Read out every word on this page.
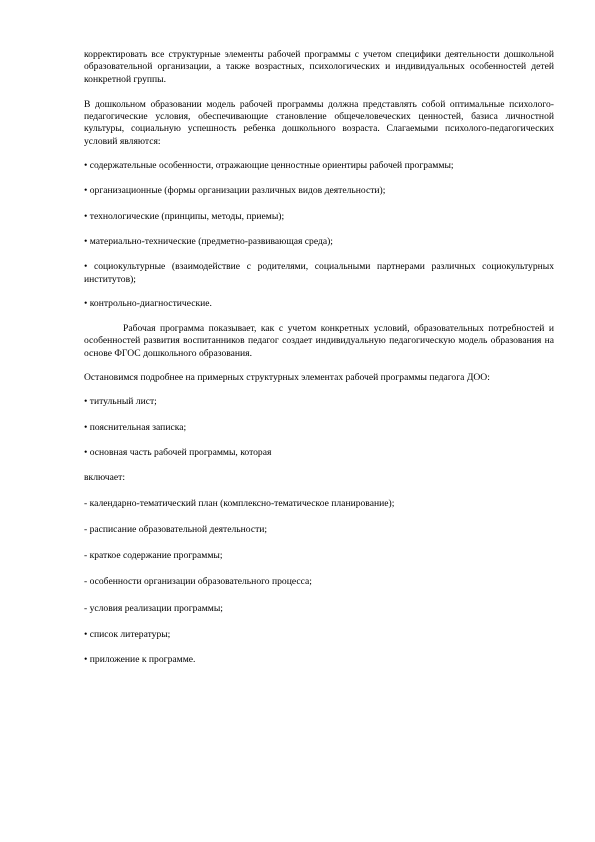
корректировать все структурные элементы рабочей программы с учетом специфики деятельности дошкольной образовательной организации, а также возрастных, психологических и индивидуальных особенностей детей конкретной группы.

В дошкольном образовании модель рабочей программы должна представлять собой оптимальные психолого-педагогические условия, обеспечивающие становление общечеловеческих ценностей, базиса личностной культуры, социальную успешность ребенка дошкольного возраста. Слагаемыми психолого-педагогических условий являются:

• содержательные особенности, отражающие ценностные ориентиры рабочей программы;

• организационные (формы организации различных видов деятельности);

• технологические (принципы, методы, приемы);

• материально-технические (предметно-развивающая среда);

• социокультурные (взаимодействие с родителями, социальными партнерами различных социокультурных институтов);

• контрольно-диагностические.

Рабочая программа показывает, как с учетом конкретных условий, образовательных потребностей и особенностей развития воспитанников педагог создает индивидуальную педагогическую модель образования на основе ФГОС дошкольного образования.

Остановимся подробнее на примерных структурных элементах рабочей программы педагога ДОО:

• титульный лист;

• пояснительная записка;

• основная часть рабочей программы, которая

включает:

- календарно-тематический план (комплексно-тематическое планирование);

- расписание образовательной деятельности;

- краткое содержание программы;

- особенности организации образовательного процесса;

- условия реализации программы;

• список литературы;

• приложение к программе.
